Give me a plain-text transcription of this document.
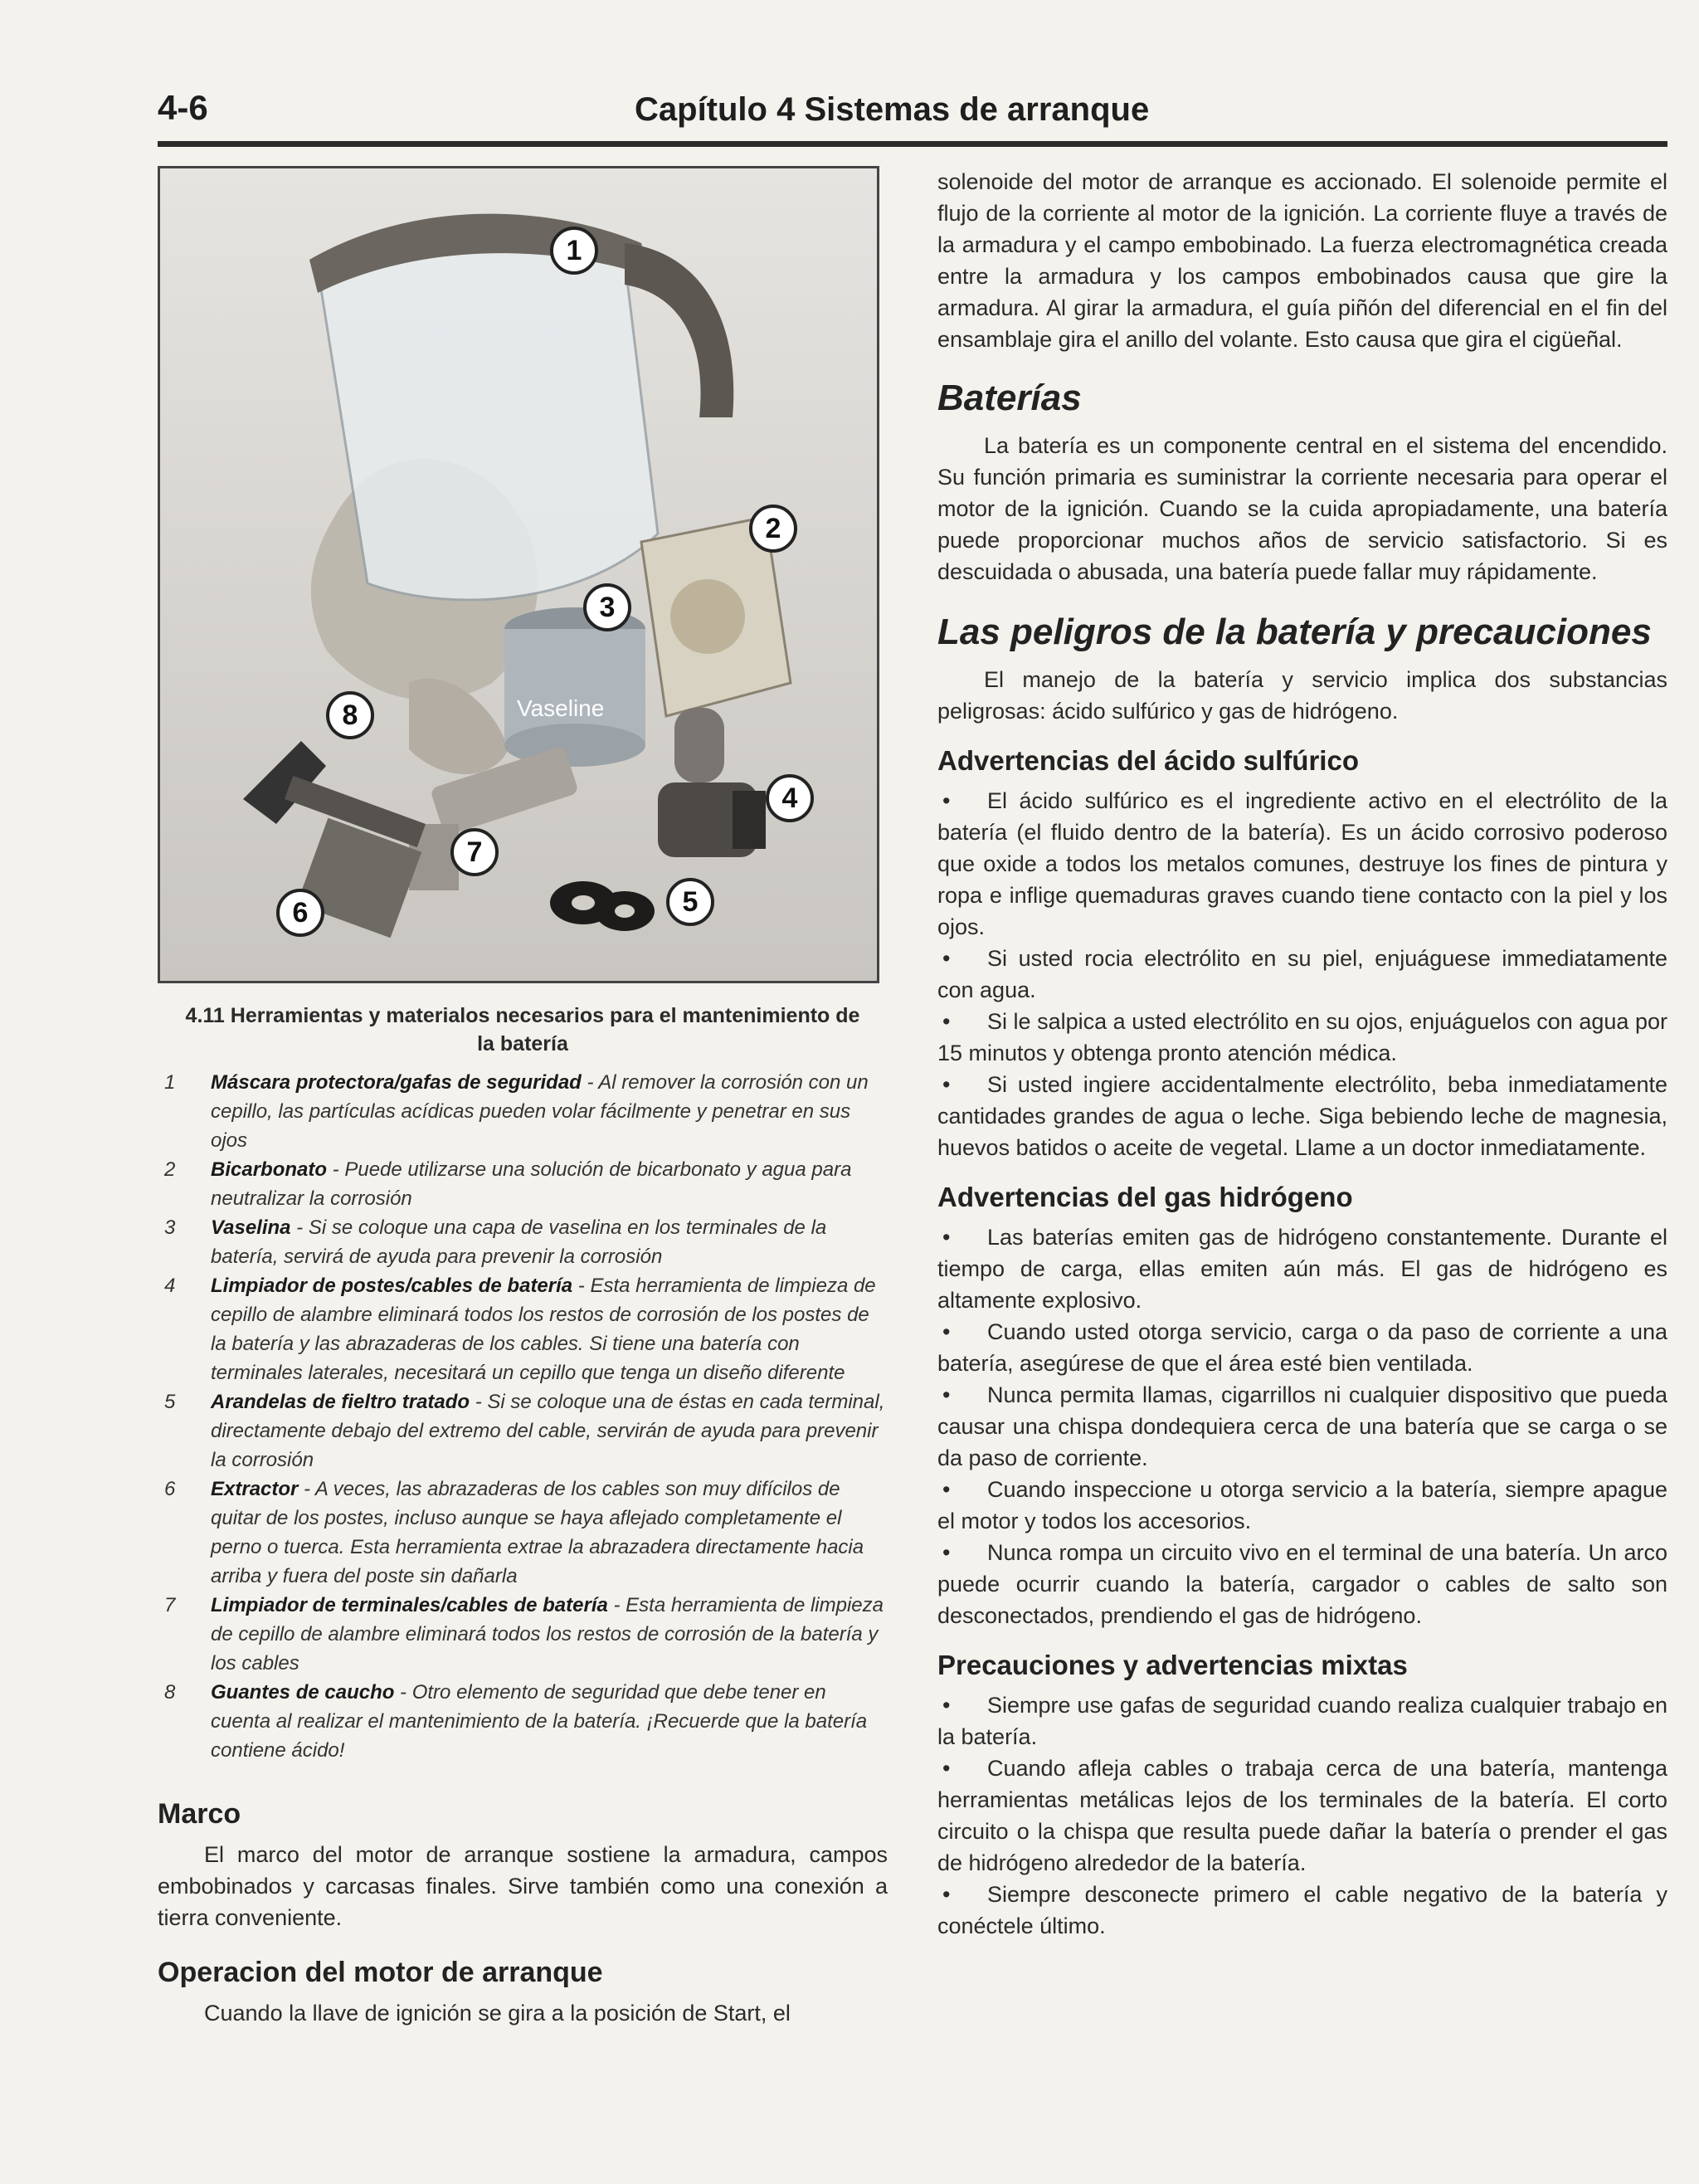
4-6	Capítulo 4 Sistemas de arranque
Vaseline
1
2
3
4
5
6
7
8
4.11 Herramientas y materialos necesarios para el mantenimiento de la batería
1 Máscara protectora/gafas de seguridad - Al remover la corrosión con un cepillo, las partículas acídicas pueden volar fácilmente y penetrar en sus ojos
2 Bicarbonato - Puede utilizarse una solución de bicarbonato y agua para neutralizar la corrosión
3 Vaselina - Si se coloque una capa de vaselina en los terminales de la batería, servirá de ayuda para prevenir la corrosión
4 Limpiador de postes/cables de batería - Esta herramienta de limpieza de cepillo de alambre eliminará todos los restos de corrosión de los postes de la batería y las abrazaderas de los cables. Si tiene una batería con terminales laterales, necesitará un cepillo que tenga un diseño diferente
5 Arandelas de fieltro tratado - Si se coloque una de éstas en cada terminal, directamente debajo del extremo del cable, servirán de ayuda para prevenir la corrosión
6 Extractor - A veces, las abrazaderas de los cables son muy difícilos de quitar de los postes, incluso aunque se haya aflejado completamente el perno o tuerca. Esta herramienta extrae la abrazadera directamente hacia arriba y fuera del poste sin dañarla
7 Limpiador de terminales/cables de batería - Esta herramienta de limpieza de cepillo de alambre eliminará todos los restos de corrosión de la batería y los cables
8 Guantes de caucho - Otro elemento de seguridad que debe tener en cuenta al realizar el mantenimiento de la batería. ¡Recuerde que la batería contiene ácido!
Marco

El marco del motor de arranque sostiene la armadura, campos embobinados y carcasas finales. Sirve también como una conexión a tierra conveniente.

Operacion del motor de arranque

Cuando la llave de ignición se gira a la posición de Start, el

solenoide del motor de arranque es accionado. El solenoide permite el flujo de la corriente al motor de la ignición. La corriente fluye a través de la armadura y el campo embobinado. La fuerza electromagnética creada entre la armadura y los campos embobinados causa que gire la armadura. Al girar la armadura, el guía piñón del diferencial en el fin del ensamblaje gira el anillo del volante. Esto causa que gira el cigüeñal.

Baterías

La batería es un componente central en el sistema del encendido. Su función primaria es suministrar la corriente necesaria para operar el motor de la ignición. Cuando se la cuida apropiadamente, una batería puede proporcionar muchos años de servicio satisfactorio. Si es descuidada o abusada, una batería puede fallar muy rápidamente.

Las peligros de la batería y precauciones

El manejo de la batería y servicio implica dos substancias peligrosas: ácido sulfúrico y gas de hidrógeno.

Advertencias del ácido sulfúrico

• El ácido sulfúrico es el ingrediente activo en el electrólito de la batería (el fluido dentro de la batería). Es un ácido corrosivo poderoso que oxide a todos los metalos comunes, destruye los fines de pintura y ropa e inflige quemaduras graves cuando tiene contacto con la piel y los ojos.

• Si usted rocia electrólito en su piel, enjuáguese immediatamente con agua.

• Si le salpica a usted electrólito en su ojos, enjuáguelos con agua por 15 minutos y obtenga pronto atención médica.

• Si usted ingiere accidentalmente electrólito, beba inmediatamente cantidades grandes de agua o leche. Siga bebiendo leche de magnesia, huevos batidos o aceite de vegetal. Llame a un doctor inmediatamente.

Advertencias del gas hidrógeno

• Las baterías emiten gas de hidrógeno constantemente. Durante el tiempo de carga, ellas emiten aún más. El gas de hidrógeno es altamente explosivo.

• Cuando usted otorga servicio, carga o da paso de corriente a una batería, asegúrese de que el área esté bien ventilada.

• Nunca permita llamas, cigarrillos ni cualquier dispositivo que pueda causar una chispa dondequiera cerca de una batería que se carga o se da paso de corriente.

• Cuando inspeccione u otorga servicio a la batería, siempre apague el motor y todos los accesorios.

• Nunca rompa un circuito vivo en el terminal de una batería. Un arco puede ocurrir cuando la batería, cargador o cables de salto son desconectados, prendiendo el gas de hidrógeno.

Precauciones y advertencias mixtas

• Siempre use gafas de seguridad cuando realiza cualquier trabajo en la batería.

• Cuando afleja cables o trabaja cerca de una batería, mantenga herramientas metálicas lejos de los terminales de la batería. El corto circuito o la chispa que resulta puede dañar la batería o prender el gas de hidrógeno alrededor de la batería.

• Siempre desconecte primero el cable negativo de la batería y conéctele último.
